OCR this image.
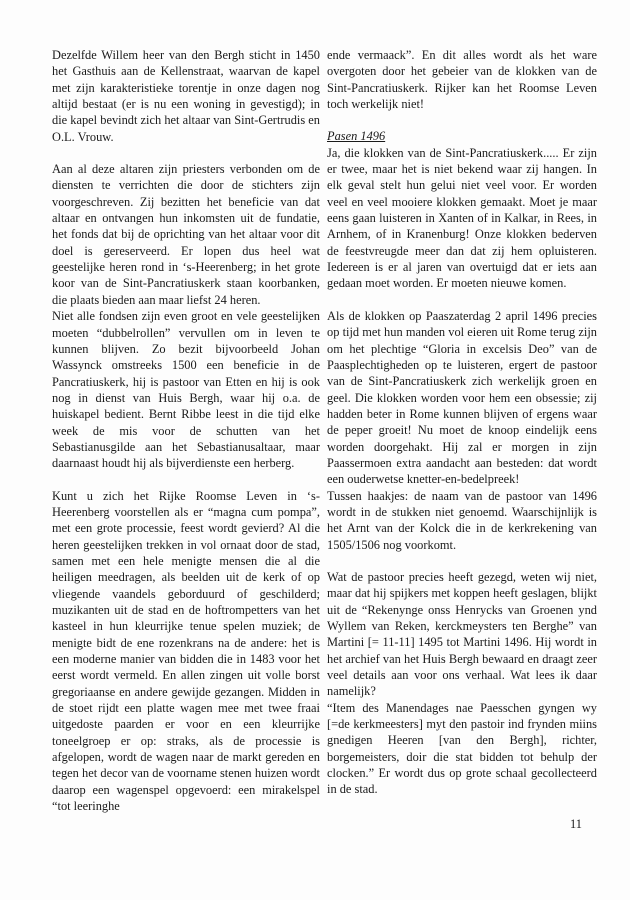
Dezelfde Willem heer van den Bergh sticht in 1450 het Gasthuis aan de Kellenstraat, waarvan de kapel met zijn karakteristieke torentje in onze dagen nog altijd bestaat (er is nu een woning in gevestigd); in die kapel bevindt zich het altaar van Sint-Gertrudis en O.L. Vrouw.

Aan al deze altaren zijn priesters verbonden om de diensten te verrichten die door de stichters zijn voorgeschreven. Zij bezitten het beneficie van dat altaar en ontvangen hun inkomsten uit de fundatie, het fonds dat bij de oprichting van het altaar voor dit doel is gereserveerd. Er lopen dus heel wat geestelijke heren rond in ‘s-Heerenberg; in het grote koor van de Sint-Pancratiuskerk staan koorbanken, die plaats bieden aan maar liefst 24 heren.

Niet alle fondsen zijn even groot en vele geestelijken moeten “dubbelrollen” vervullen om in leven te kunnen blijven. Zo bezit bijvoorbeeld Johan Wassynck omstreeks 1500 een beneficie in de Pancratiuskerk, hij is pastoor van Etten en hij is ook nog in dienst van Huis Bergh, waar hij o.a. de huiskapel bedient. Bernt Ribbe leest in die tijd elke week de mis voor de schutten van het Sebastianusgilde aan het Sebastianusaltaar, maar daarnaast houdt hij als bijverdienste een herberg.

Kunt u zich het Rijke Roomse Leven in ‘s-Heerenberg voorstellen als er “magna cum pompa”, met een grote processie, feest wordt gevierd? Al die heren geestelijken trekken in vol ornaat door de stad, samen met een hele menigte mensen die al die heiligen meedragen, als beelden uit de kerk of op vliegende vaandels geborduurd of geschilderd; muzikanten uit de stad en de hoftrompetters van het kasteel in hun kleurrijke tenue spelen muziek; de menigte bidt de ene rozenkrans na de andere: het is een moderne manier van bidden die in 1483 voor het eerst wordt vermeld. En allen zingen uit volle borst gregoriaanse en andere gewijde gezangen. Midden in de stoet rijdt een platte wagen mee met twee fraai uitgedoste paarden er voor en een kleurrijke toneelgroep er op: straks, als de processie is afgelopen, wordt de wagen naar de markt gereden en tegen het decor van de voorname stenen huizen wordt daarop een wagenspel opgevoerd: een mirakelspel “tot leeringhe

ende vermaack”. En dit alles wordt als het ware overgoten door het gebeier van de klokken van de Sint-Pancratiuskerk. Rijker kan het Roomse Leven toch werkelijk niet!

Pasen 1496

Ja, die klokken van de Sint-Pancratiuskerk..... Er zijn er twee, maar het is niet bekend waar zij hangen. In elk geval stelt hun gelui niet veel voor. Er worden veel en veel mooiere klokken gemaakt. Moet je maar eens gaan luisteren in Xanten of in Kalkar, in Rees, in Arnhem, of in Kranenburg! Onze klokken bederven de feestvreugde meer dan dat zij hem opluisteren. Iedereen is er al jaren van overtuigd dat er iets aan gedaan moet worden. Er moeten nieuwe komen.

Als de klokken op Paaszaterdag 2 april 1496 precies op tijd met hun manden vol eieren uit Rome terug zijn om het plechtige “Gloria in excelsis Deo” van de Paasplechtigheden op te luisteren, ergert de pastoor van de Sint-Pancratiuskerk zich werkelijk groen en geel. Die klokken worden voor hem een obsessie; zij hadden beter in Rome kunnen blijven of ergens waar de peper groeit! Nu moet de knoop eindelijk eens worden doorgehakt. Hij zal er morgen in zijn Paassermoen extra aandacht aan besteden: dat wordt een ouderwetse knetter-en-bedelpreek!

Tussen haakjes: de naam van de pastoor van 1496 wordt in de stukken niet genoemd. Waarschijnlijk is het Arnt van der Kolck die in de kerkrekening van 1505/1506 nog voorkomt.

Wat de pastoor precies heeft gezegd, weten wij niet, maar dat hij spijkers met koppen heeft geslagen, blijkt uit de “Rekenynge onss Henrycks van Groenen ynd Wyllem van Reken, kerckmeysters ten Berghe” van Martini [= 11-11] 1495 tot Martini 1496. Hij wordt in het archief van het Huis Bergh bewaard en draagt zeer veel details aan voor ons verhaal. Wat lees ik daar namelijk?

“Item des Manendages nae Paesschen gyngen wy [=de kerkmeesters] myt den pastoir ind frynden miins gnedigen Heeren [van den Bergh], richter, borgemeisters, doir die stat bidden tot behulp der clocken.” Er wordt dus op grote schaal gecollecteerd in de stad.

11
